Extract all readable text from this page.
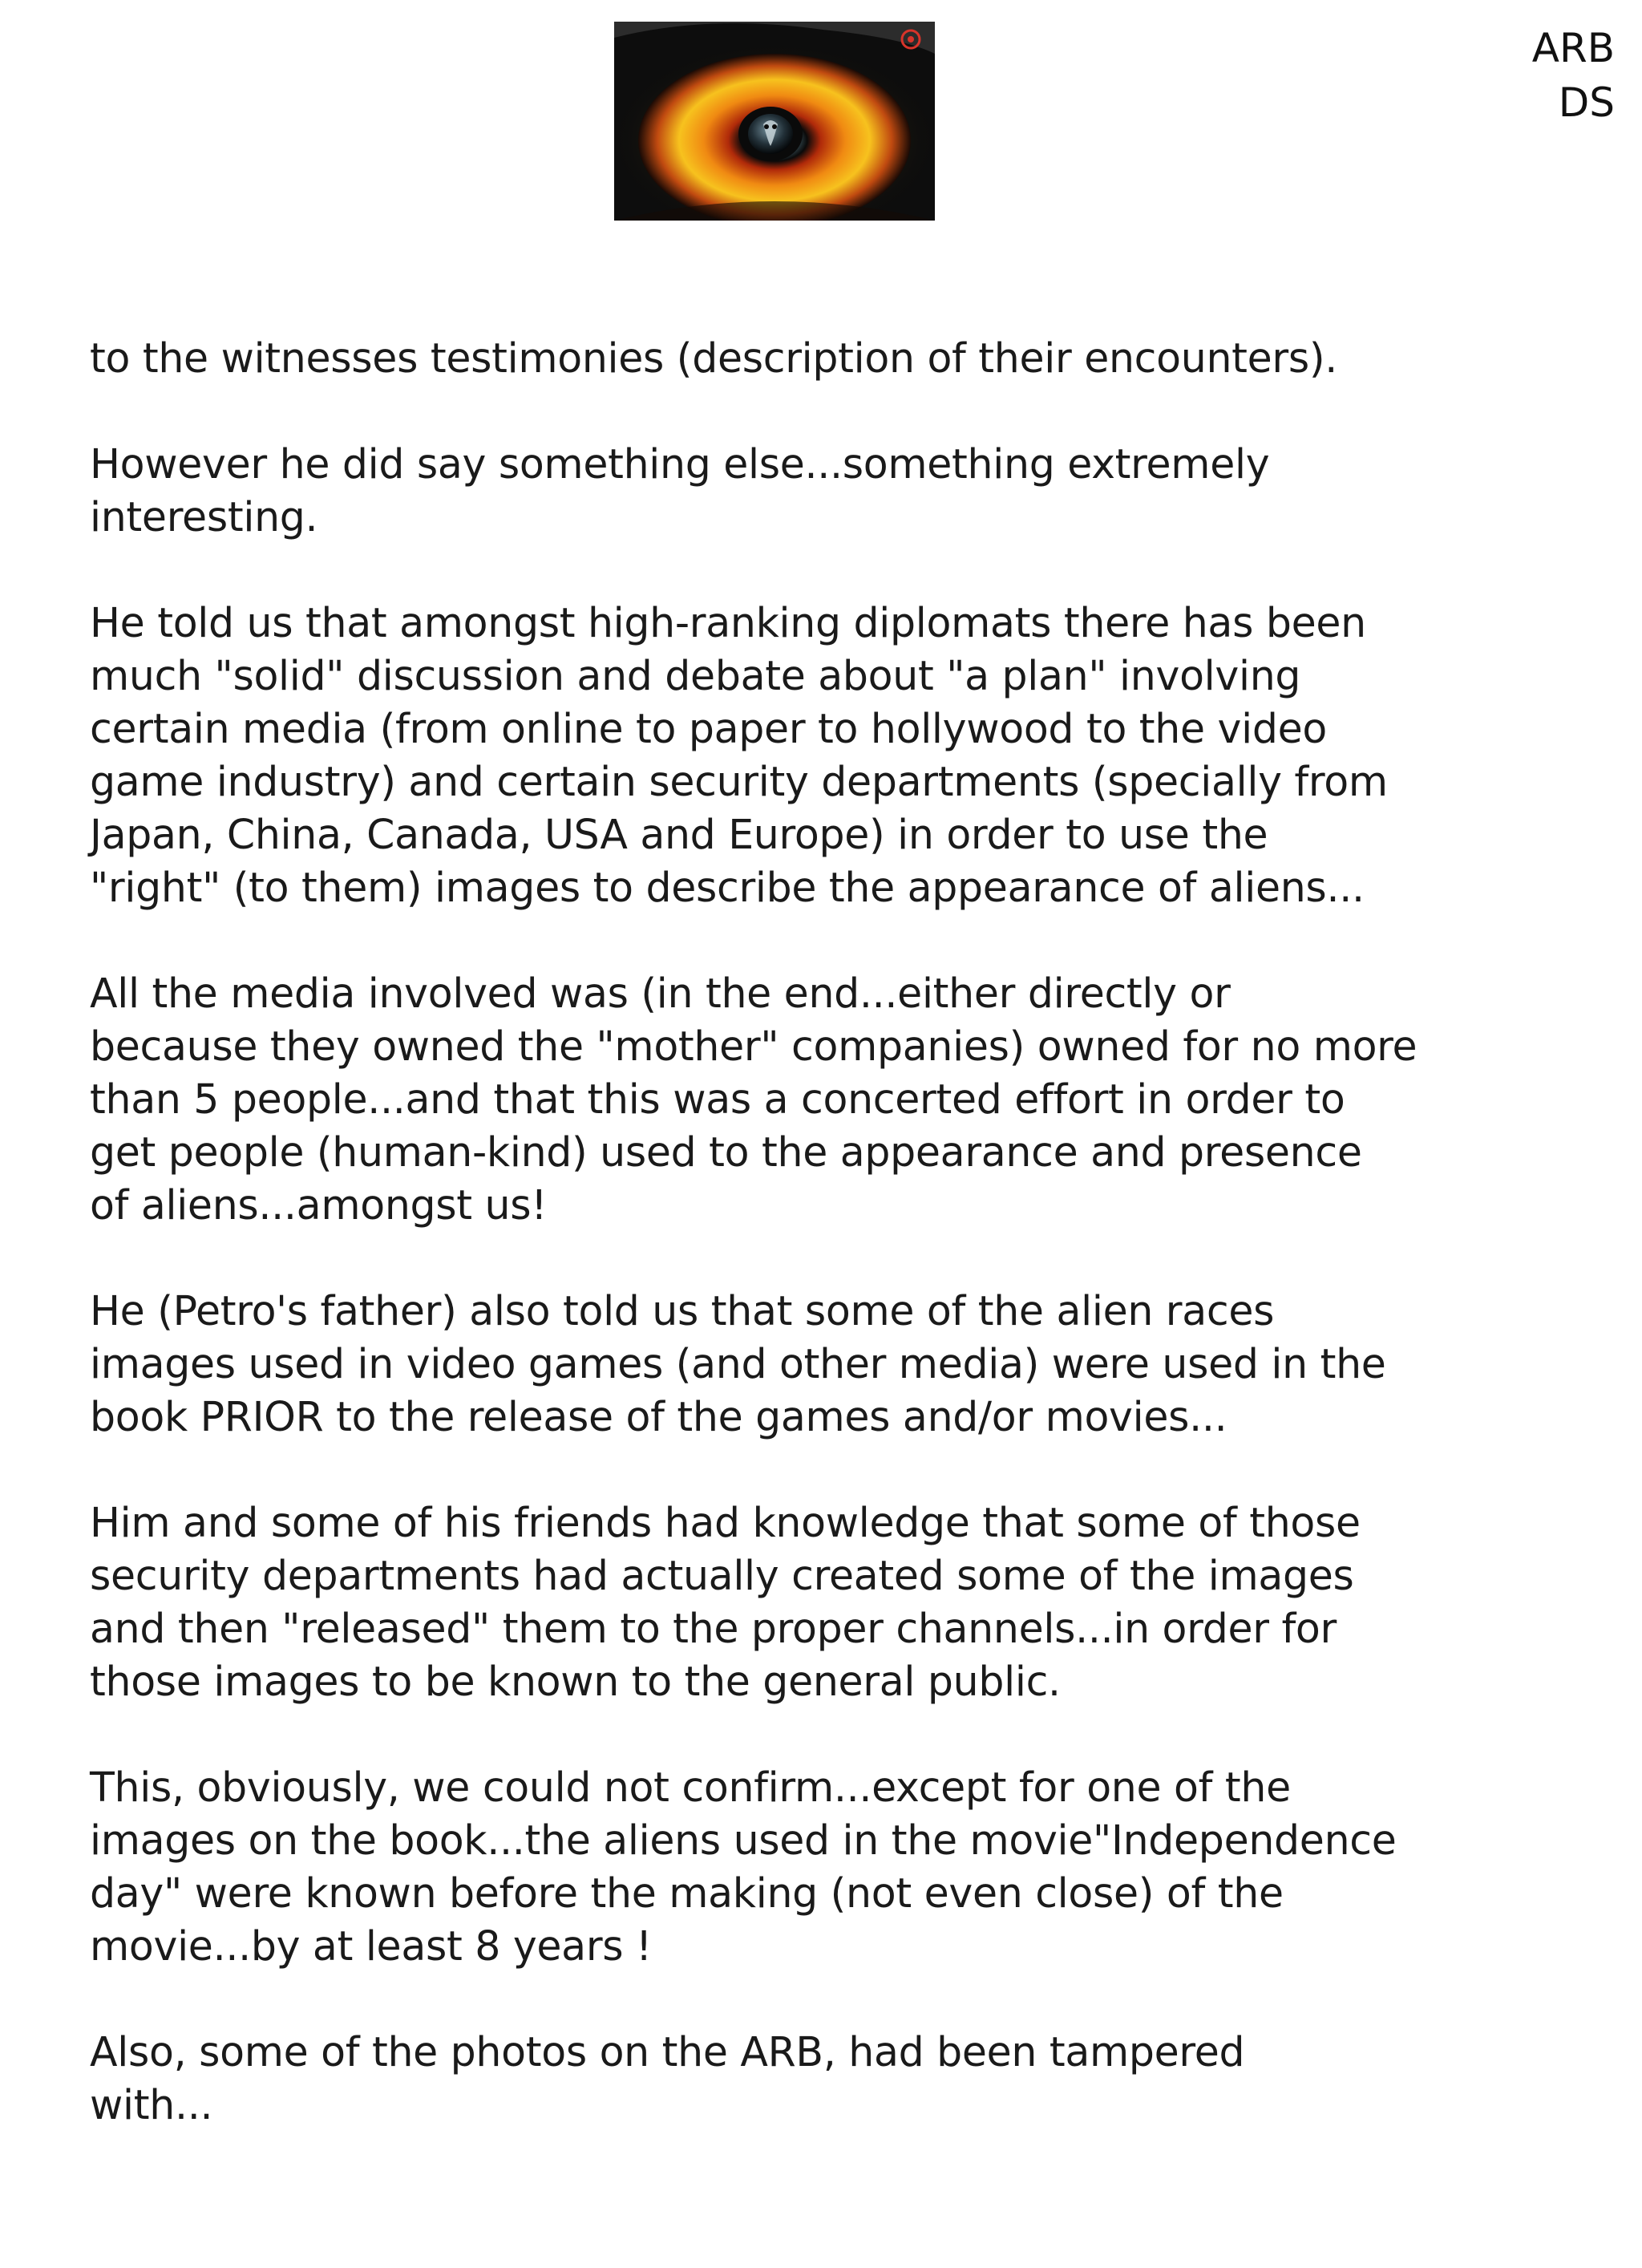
ARB
DS

to the witnesses testimonies (description of their encounters).

However he did say something else...something extremely
interesting.

He told us that amongst high-ranking diplomats there has been
much "solid" discussion and debate about "a plan" involving
certain media (from online to paper to hollywood to the video
game industry) and certain security departments (specially from
Japan, China, Canada, USA and Europe) in order to use the
"right" (to them) images to describe the appearance of aliens...

All the media involved was (in the end...either directly or
because they owned the "mother" companies) owned for no more
than 5 people...and that this was a concerted effort in order to
get people (human-kind) used to the appearance and presence
of aliens...amongst us!

He (Petro's father) also told us that some of the alien races
images used in video games (and other media) were used in the
book PRIOR to the release of the games and/or movies...

Him and some of his friends had knowledge that some of those
security departments had actually created some of the images
and then "released" them to the proper channels...in order for
those images to be known to the general public.

This, obviously, we could not confirm...except for one of the
images on the book...the aliens used in the movie"Independence
day" were known before the making (not even close) of the
movie...by at least 8 years !

Also, some of the photos on the ARB, had been tampered
with...
